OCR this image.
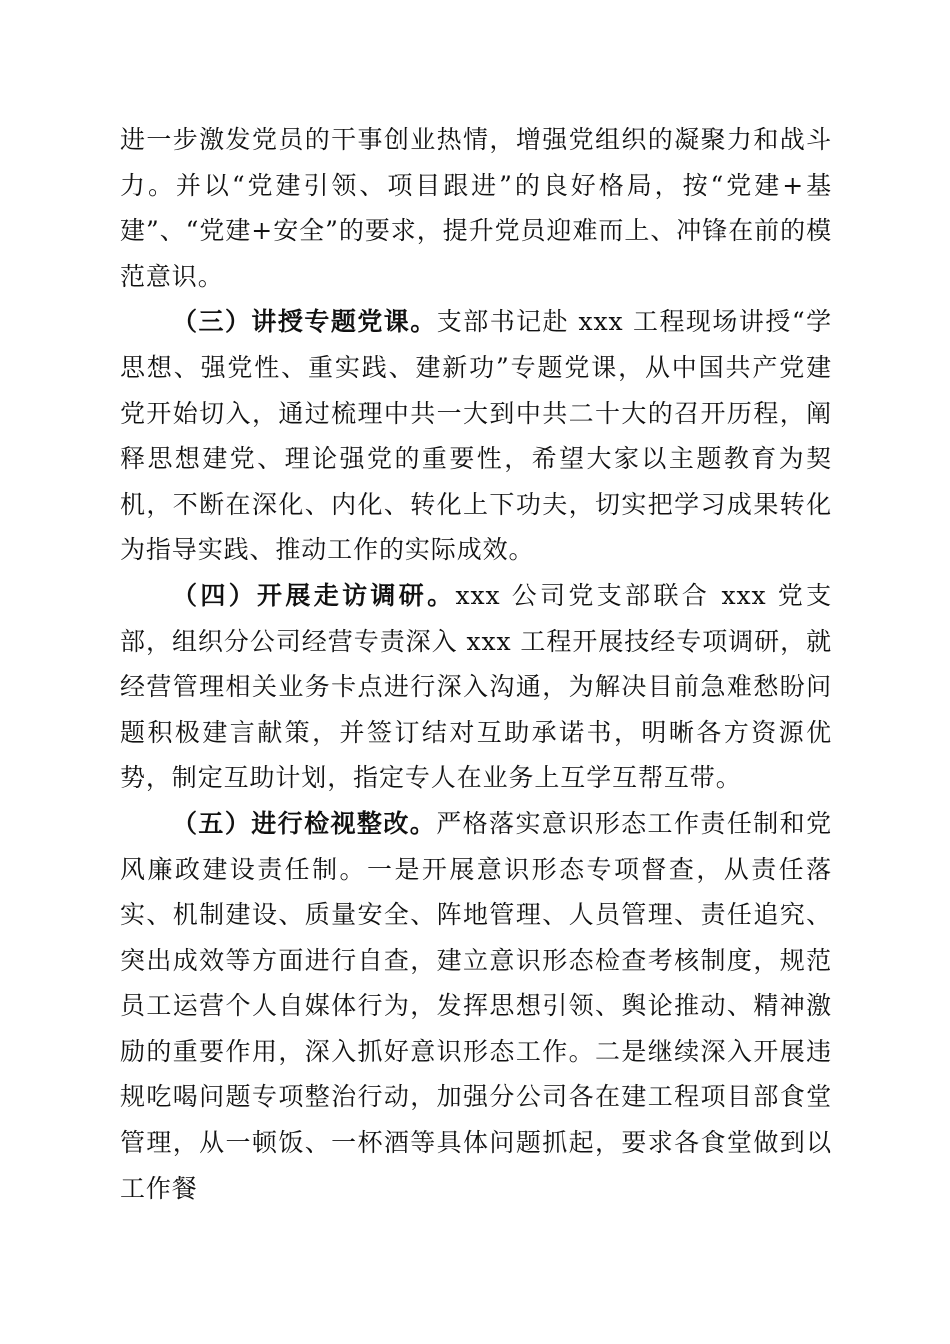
进一步激发党员的干事创业热情，增强党组织的凝聚力和战斗力。并以“党建引领、项目跟进”的良好格局，按“党建+基建”、“党建+安全”的要求，提升党员迎难而上、冲锋在前的模范意识。

（三）讲授专题党课。支部书记赴 xxx 工程现场讲授“学思想、强党性、重实践、建新功”专题党课，从中国共产党建党开始切入，通过梳理中共一大到中共二十大的召开历程，阐释思想建党、理论强党的重要性，希望大家以主题教育为契机，不断在深化、内化、转化上下功夫，切实把学习成果转化为指导实践、推动工作的实际成效。

（四）开展走访调研。xxx 公司党支部联合 xxx 党支部，组织分公司经营专责深入 xxx 工程开展技经专项调研，就经营管理相关业务卡点进行深入沟通，为解决目前急难愁盼问题积极建言献策，并签订结对互助承诺书，明晰各方资源优势，制定互助计划，指定专人在业务上互学互帮互带。

（五）进行检视整改。严格落实意识形态工作责任制和党风廉政建设责任制。一是开展意识形态专项督查，从责任落实、机制建设、质量安全、阵地管理、人员管理、责任追究、突出成效等方面进行自查，建立意识形态检查考核制度，规范员工运营个人自媒体行为，发挥思想引领、舆论推动、精神激励的重要作用，深入抓好意识形态工作。二是继续深入开展违规吃喝问题专项整治行动，加强分公司各在建工程项目部食堂管理，从一顿饭、一杯酒等具体问题抓起，要求各食堂做到以工作餐
